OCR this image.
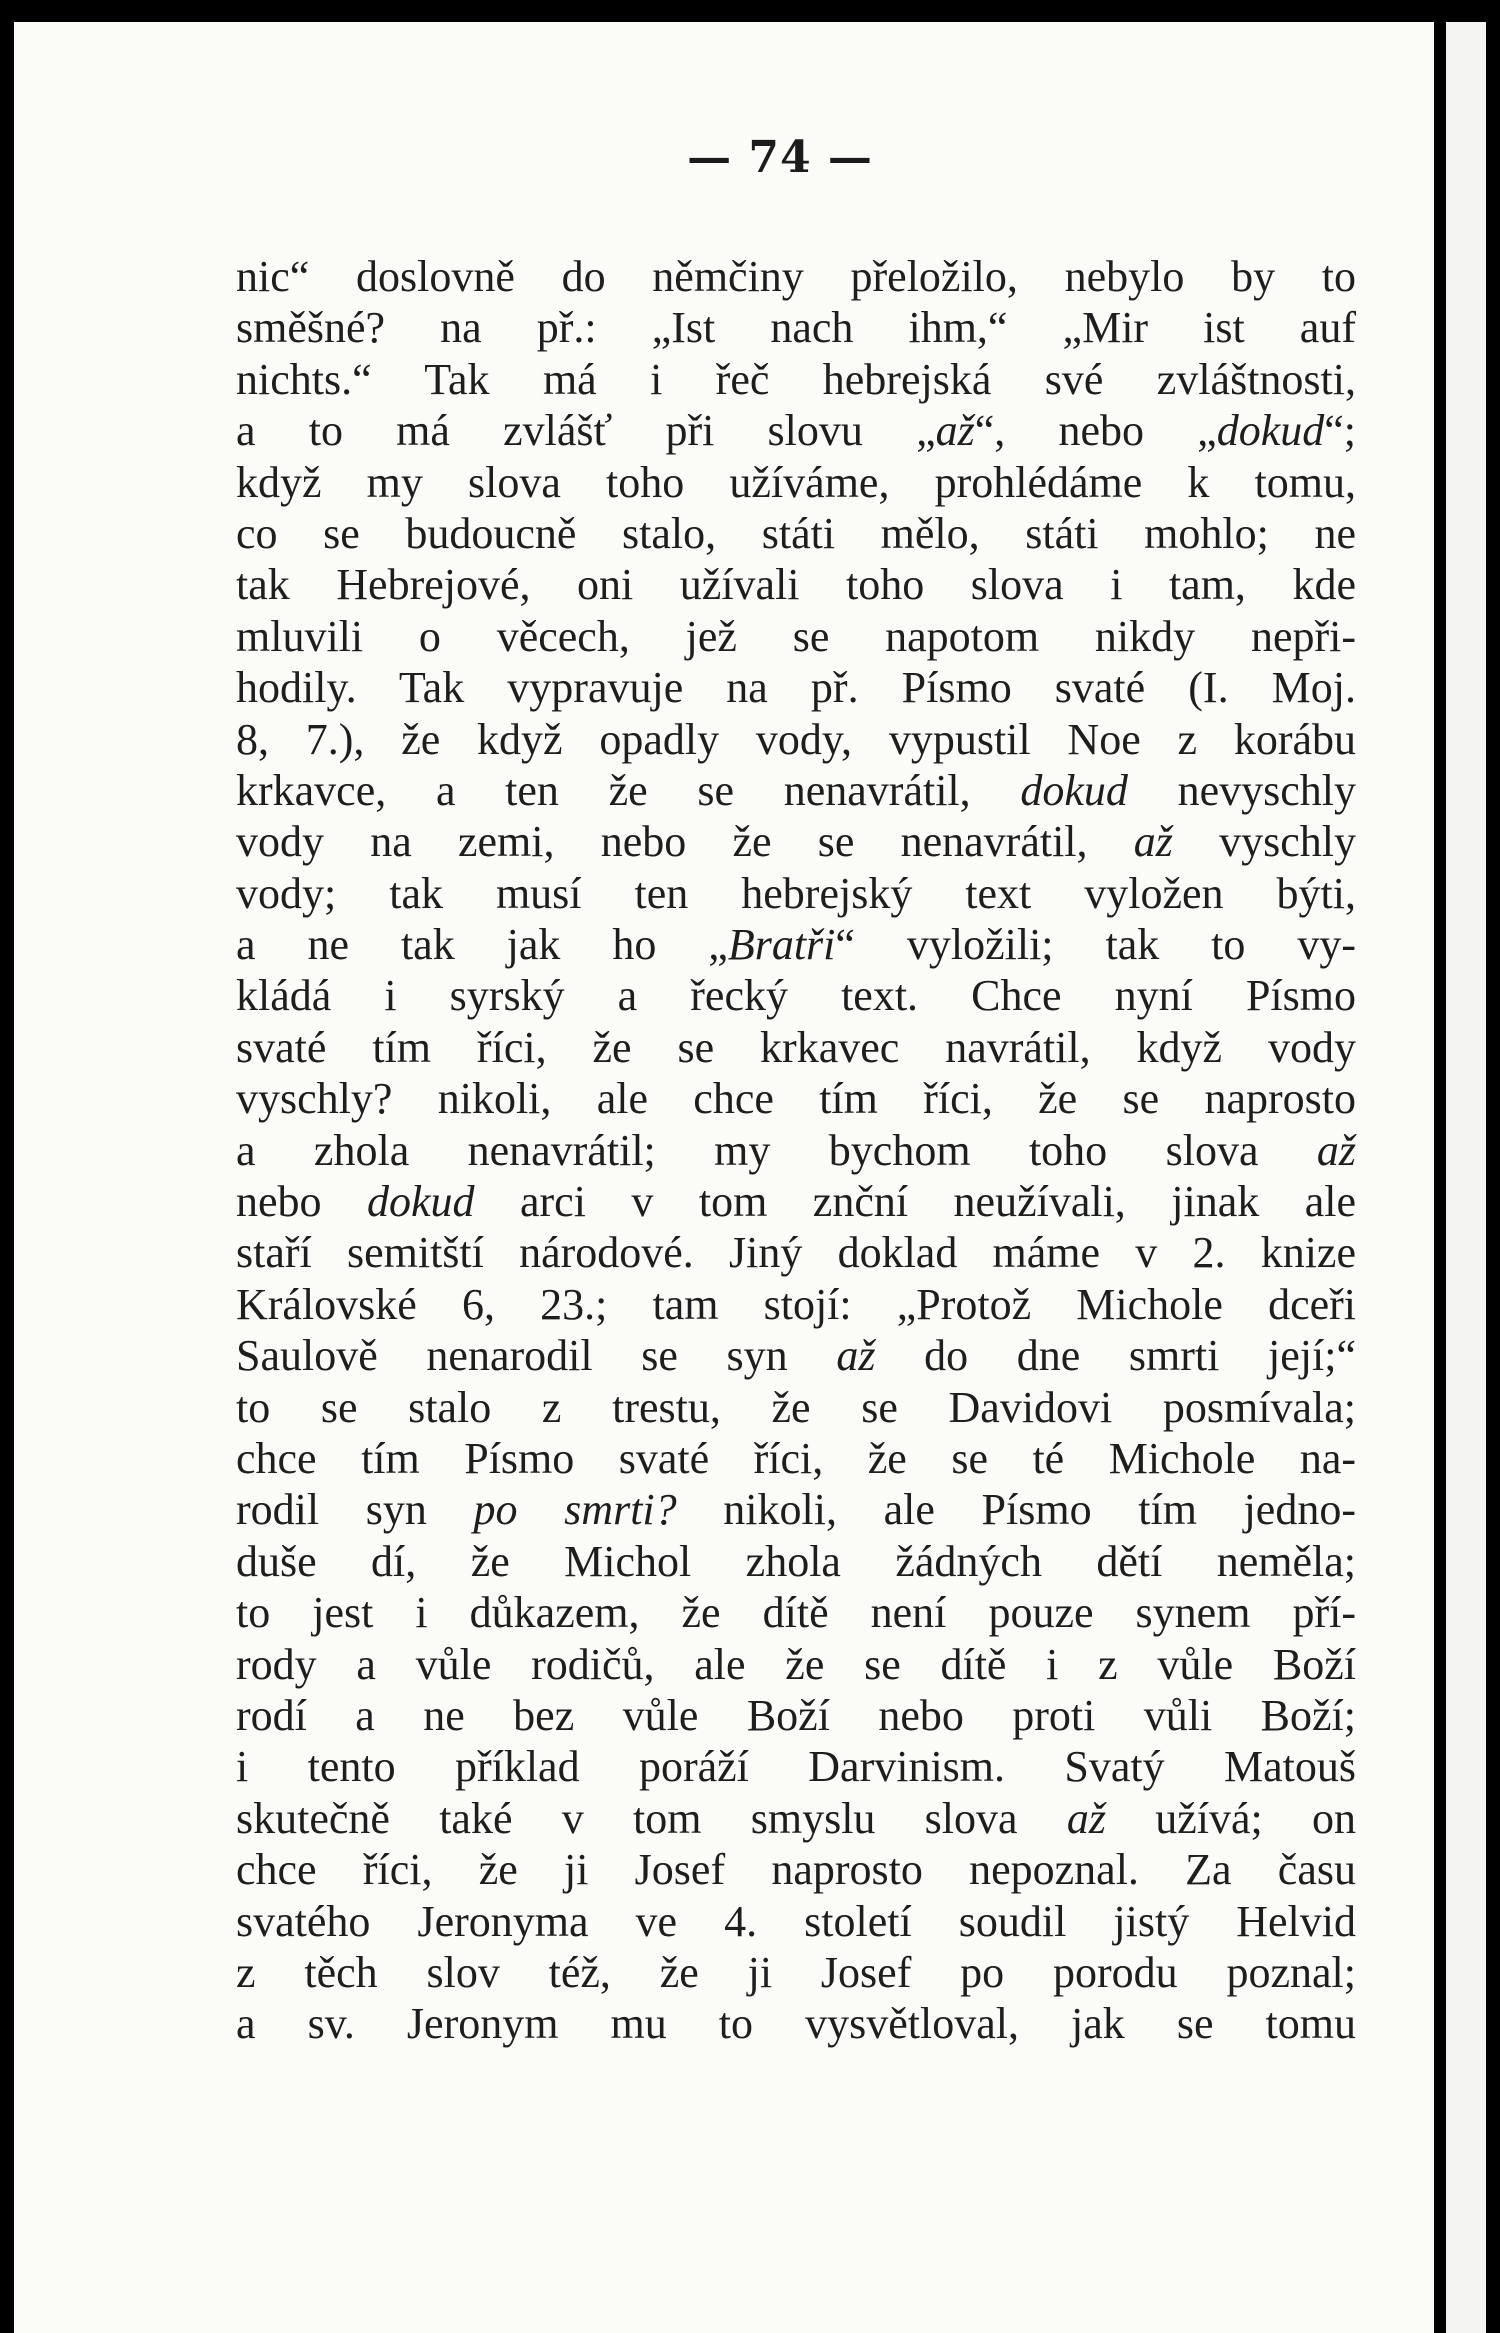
— 74 —
nic“ doslovně do němčiny přeložilo, nebylo by to
směšné? na př.: „Ist nach ihm,“ „Mir ist auf
nichts.“ Tak má i řeč hebrejská své zvláštnosti,
a to má zvlášť při slovu „až“, nebo „dokud“;
když my slova toho užíváme, prohlédáme k tomu,
co se budoucně stalo, státi mělo, státi mohlo; ne
tak Hebrejové, oni užívali toho slova i tam, kde
mluvili o věcech, jež se napotom nikdy nepři-
hodily. Tak vypravuje na př. Písmo svaté (I. Moj.
8, 7.), že když opadly vody, vypustil Noe z korábu
krkavce, a ten že se nenavrátil, dokud nevyschly
vody na zemi, nebo že se nenavrátil, až vyschly
vody; tak musí ten hebrejský text vyložen býti,
a ne tak jak ho „Bratři“ vyložili; tak to vy-
kládá i syrský a řecký text. Chce nyní Písmo
svaté tím říci, že se krkavec navrátil, když vody
vyschly? nikoli, ale chce tím říci, že se naprosto
a zhola nenavrátil; my bychom toho slova až
nebo dokud arci v tom znční neužívali, jinak ale
staří semitští národové. Jiný doklad máme v 2. knize
Královské 6, 23.; tam stojí: „Protož Michole dceři
Saulově nenarodil se syn až do dne smrti její;“
to se stalo z trestu, že se Davidovi posmívala;
chce tím Písmo svaté říci, že se té Michole na-
rodil syn po smrti? nikoli, ale Písmo tím jedno-
duše dí, že Michol zhola žádných dětí neměla;
to jest i důkazem, že dítě není pouze synem pří-
rody a vůle rodičů, ale že se dítě i z vůle Boží
rodí a ne bez vůle Boží nebo proti vůli Boží;
i tento příklad poráží Darvinism. Svatý Matouš
skutečně také v tom smyslu slova až užívá; on
chce říci, že ji Josef naprosto nepoznal. Za času
svatého Jeronyma ve 4. století soudil jistý Helvid
z těch slov též, že ji Josef po porodu poznal;
a sv. Jeronym mu to vysvětloval, jak se tomu
